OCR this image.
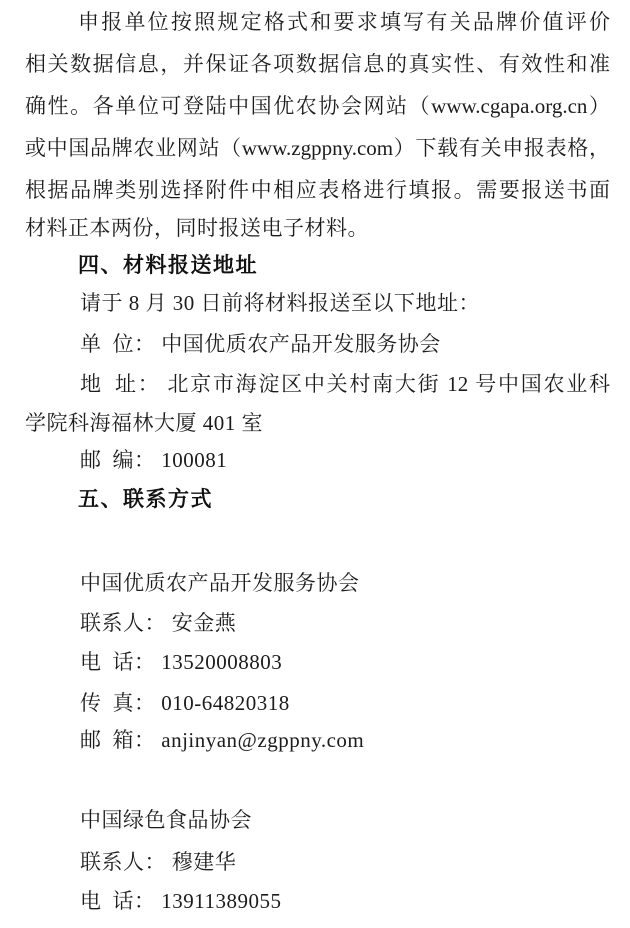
申报单位按照规定格式和要求填写有关品牌价值评价
相关数据信息，并保证各项数据信息的真实性、有效性和准
确性。各单位可登陆中国优农协会网站（www.cgapa.org.cn）
或中国品牌农业网站（www.zgppny.com）下载有关申报表格，
根据品牌类别选择附件中相应表格进行填报。需要报送书面
材料正本两份，同时报送电子材料。
四、材料报送地址
请于 8 月 30 日前将材料报送至以下地址：
单 位： 中国优质农产品开发服务协会
地 址： 北京市海淀区中关村南大街 12 号中国农业科
学院科海福林大厦 401 室
邮 编： 100081
五、联系方式
中国优质农产品开发服务协会
联系人： 安金燕
电 话： 13520008803
传 真： 010-64820318
邮 箱： anjinyan@zgppny.com
中国绿色食品协会
联系人： 穆建华
电 话： 13911389055
